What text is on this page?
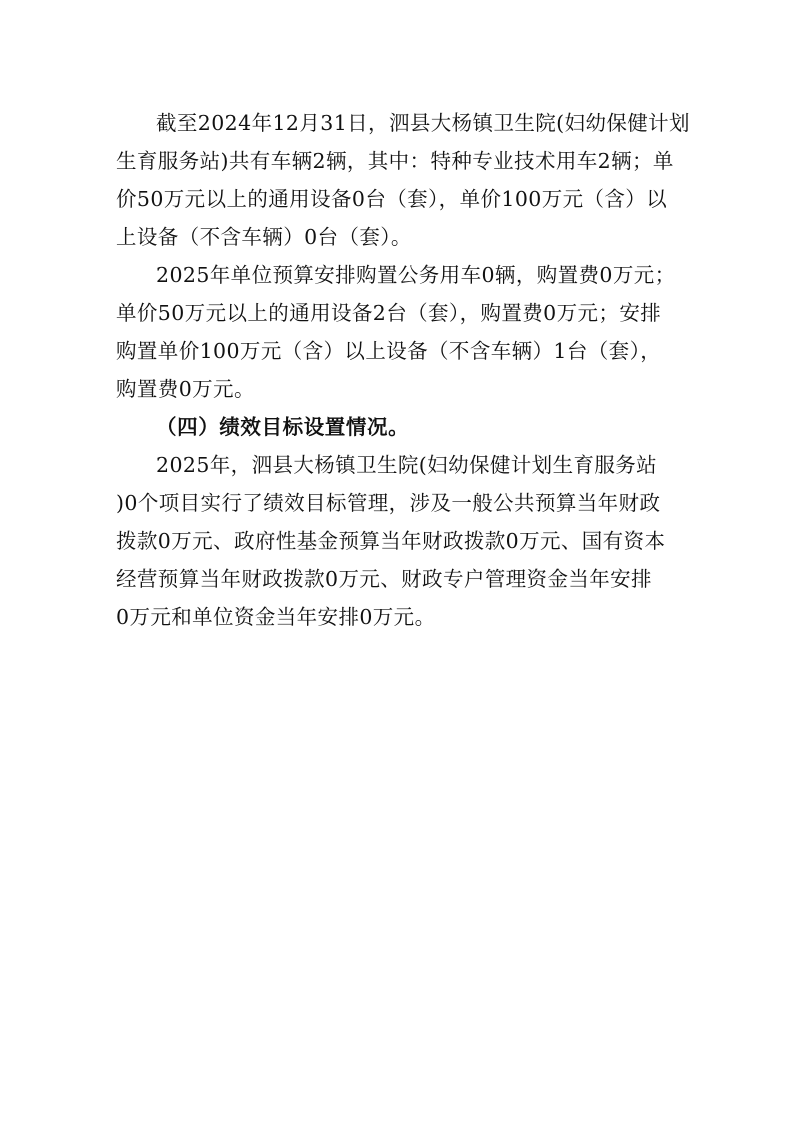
截至2024年12月31日，泗县大杨镇卫生院(妇幼保健计划
生育服务站)共有车辆2辆，其中：特种专业技术用车2辆；单
价50万元以上的通用设备0台（套），单价100万元（含）以
上设备（不含车辆）0台（套）。
2025年单位预算安排购置公务用车0辆，购置费0万元；
单价50万元以上的通用设备2台（套），购置费0万元；安排
购置单价100万元（含）以上设备（不含车辆）1台（套），
购置费0万元。
（四）绩效目标设置情况。
2025年，泗县大杨镇卫生院(妇幼保健计划生育服务站
)0个项目实行了绩效目标管理，涉及一般公共预算当年财政
拨款0万元、政府性基金预算当年财政拨款0万元、国有资本
经营预算当年财政拨款0万元、财政专户管理资金当年安排
0万元和单位资金当年安排0万元。
